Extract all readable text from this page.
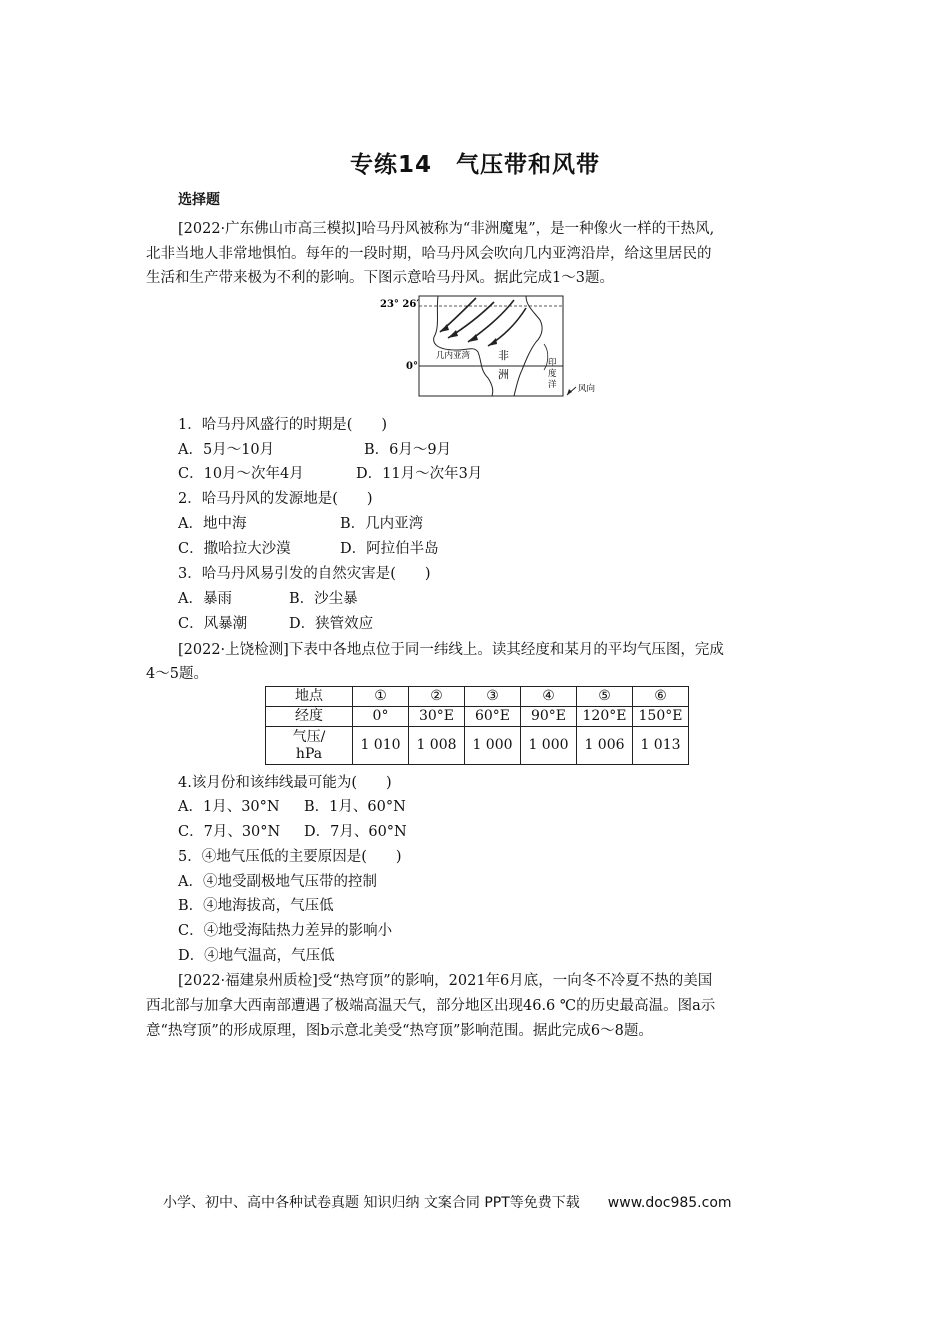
专练14 气压带和风带
选择题
[2022·广东佛山市高三模拟]哈马丹风被称为“非洲魔鬼”，是一种像火一样的干热风,
北非当地人非常地惧怕。每年的一段时期，哈马丹风会吹向几内亚湾沿岸，给这里居民的
生活和生产带来极为不利的影响。下图示意哈马丹风。据此完成1～3题。
23° 26′
0°
几内亚湾	非
洲
印
度
洋	风向
1．哈马丹风盛行的时期是(　　)
A．5月～10月	B．6月～9月
C．10月～次年4月	D．11月～次年3月
2．哈马丹风的发源地是(　　)
A．地中海	B．几内亚湾
C．撒哈拉大沙漠	D．阿拉伯半岛
3．哈马丹风易引发的自然灾害是(　　)
A．暴雨	B．沙尘暴
C．风暴潮	D．狭管效应
[2022·上饶检测]下表中各地点位于同一纬线上。读其经度和某月的平均气压图，完成
4～5题。
地点	①	②	③	④	⑤	⑥
经度	0°	30°E	60°E	90°E	120°E	150°E
气压/
hPa	1 010	1 008	1 000	1 000	1 006	1 013
4.该月份和该纬线最可能为(　　)
A．1月、30°N B．1月、60°N
C．7月、30°N D．7月、60°N
5．④地气压低的主要原因是(　　)
A．④地受副极地气压带的控制
B．④地海拔高，气压低
C．④地受海陆热力差异的影响小
D．④地气温高，气压低
[2022·福建泉州质检]受“热穹顶”的影响，2021年6月底，一向冬不冷夏不热的美国
西北部与加拿大西南部遭遇了极端高温天气，部分地区出现46.6 ℃的历史最高温。图a示
意“热穹顶”的形成原理，图b示意北美受“热穹顶”影响范围。据此完成6～8题。
小学、初中、高中各种试卷真题 知识归纳 文案合同 PPT等免费下载 www.doc985.com
